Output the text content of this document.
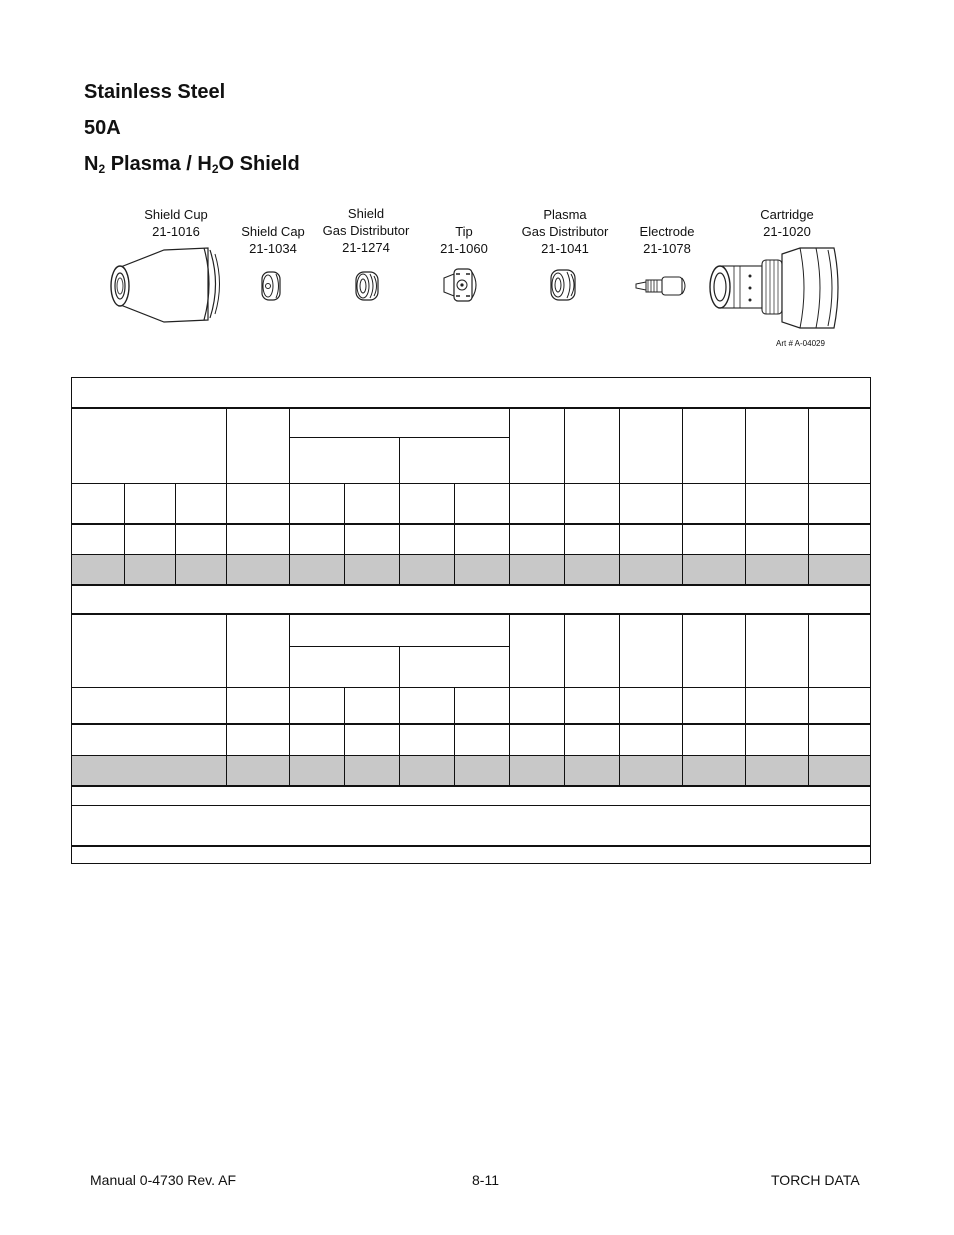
Stainless Steel
50A
$N_2$ Plasma / $H_2O$ Shield
Shield Cup
21-1016	Shield Cap
21-1034
Shield
Gas Distributor
21-1274
Tip
21-1060
Plasma
Gas Distributor
21-1041
Electrode
21-1078
Cartridge
21-1020
Art # A-04029
Manual 0-4730 Rev. AF	8-11	TORCH DATA
